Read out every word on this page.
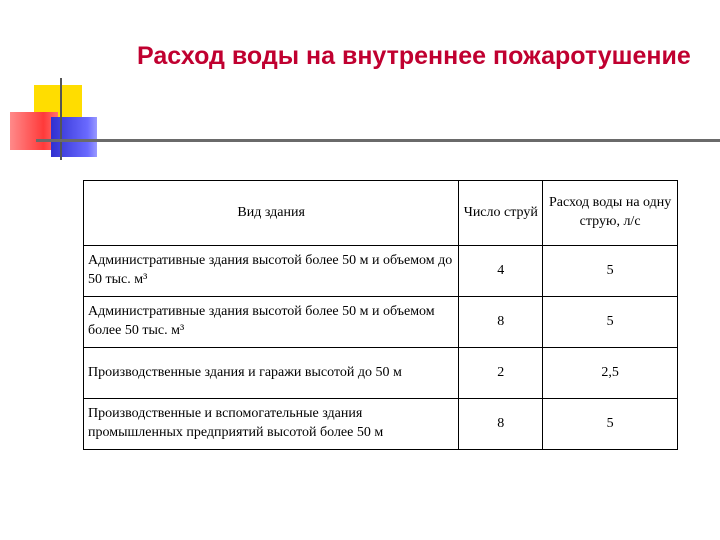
Расход воды на внутреннее пожаротушение
Вид здания	Число струй	Расход воды на одну струю, л/с
Административные здания высотой более 50 м и объемом до 50 тыс. м³	4	5
Административные здания высотой более 50 м и объемом более 50 тыс. м³	8	5
Производственные здания и гаражи высотой до 50 м	2	2,5
Производственные и вспомогательные здания промышленных предприятий высотой более 50 м	8	5
